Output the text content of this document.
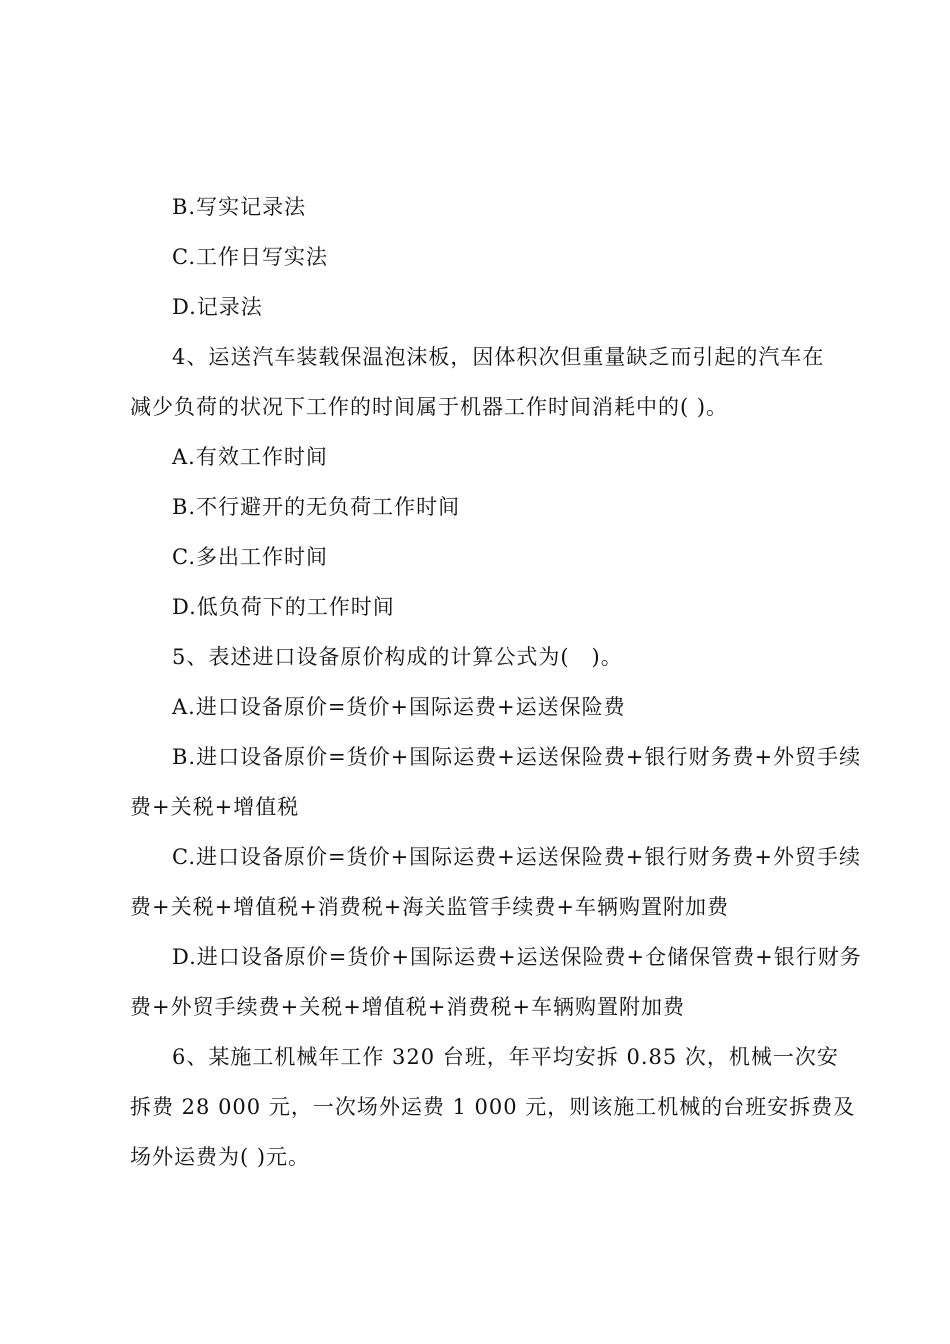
B.写实记录法
C.工作日写实法
D.记录法
4、运送汽车装载保温泡沫板，因体积次但重量缺乏而引起的汽车在
减少负荷的状况下工作的时间属于机器工作时间消耗中的( )。
A.有效工作时间
B.不行避开的无负荷工作时间
C.多出工作时间
D.低负荷下的工作时间
5、表述进口设备原价构成的计算公式为(　)。
A.进口设备原价=货价+国际运费+运送保险费
B.进口设备原价=货价+国际运费+运送保险费+银行财务费+外贸手续
费+关税+增值税
C.进口设备原价=货价+国际运费+运送保险费+银行财务费+外贸手续
费+关税+增值税+消费税+海关监管手续费+车辆购置附加费
D.进口设备原价=货价+国际运费+运送保险费+仓储保管费+银行财务
费+外贸手续费+关税+增值税+消费税+车辆购置附加费
6、某施工机械年工作 320 台班，年平均安拆 0.85 次，机械一次安
拆费 28 000 元，一次场外运费 1 000 元，则该施工机械的台班安拆费及
场外运费为( )元。
